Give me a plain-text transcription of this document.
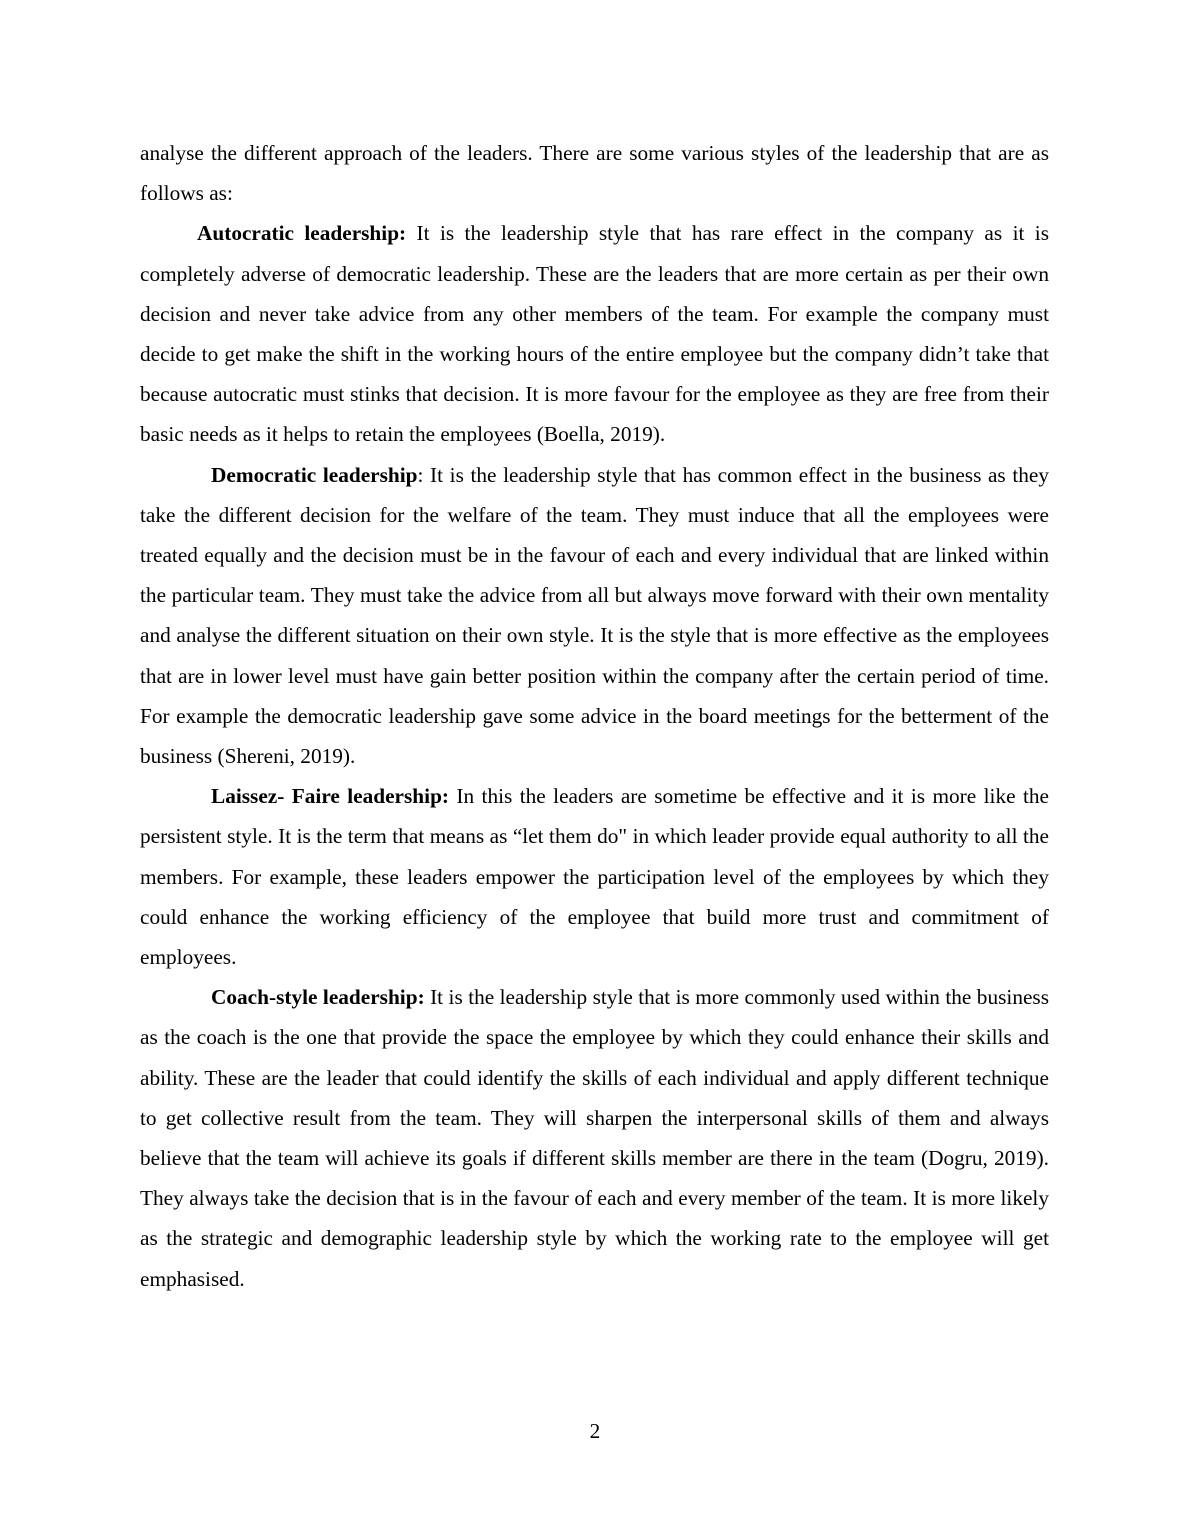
analyse the different approach of the leaders. There are some various styles of the leadership that are as follows as:

Autocratic leadership: It is the leadership style that has rare effect in the company as it is completely adverse of democratic leadership. These are the leaders that are more certain as per their own decision and never take advice from any other members of the team. For example the company must decide to get make the shift in the working hours of the entire employee but the company didn’t take that because autocratic must stinks that decision. It is more favour for the employee as they are free from their basic needs as it helps to retain the employees (Boella, 2019).

Democratic leadership: It is the leadership style that has common effect in the business as they take the different decision for the welfare of the team. They must induce that all the employees were treated equally and the decision must be in the favour of each and every individual that are linked within the particular team. They must take the advice from all but always move forward with their own mentality and analyse the different situation on their own style. It is the style that is more effective as the employees that are in lower level must have gain better position within the company after the certain period of time. For example the democratic leadership gave some advice in the board meetings for the betterment of the business (Shereni, 2019).

Laissez- Faire leadership: In this the leaders are sometime be effective and it is more like the persistent style. It is the term that means as “let them do" in which leader provide equal authority to all the members. For example, these leaders empower the participation level of the employees by which they could enhance the working efficiency of the employee that build more trust and commitment of employees.

Coach-style leadership: It is the leadership style that is more commonly used within the business as the coach is the one that provide the space the employee by which they could enhance their skills and ability. These are the leader that could identify the skills of each individual and apply different technique to get collective result from the team. They will sharpen the interpersonal skills of them and always believe that the team will achieve its goals if different skills member are there in the team (Dogru, 2019). They always take the decision that is in the favour of each and every member of the team. It is more likely as the strategic and demographic leadership style by which the working rate to the employee will get emphasised.

2
